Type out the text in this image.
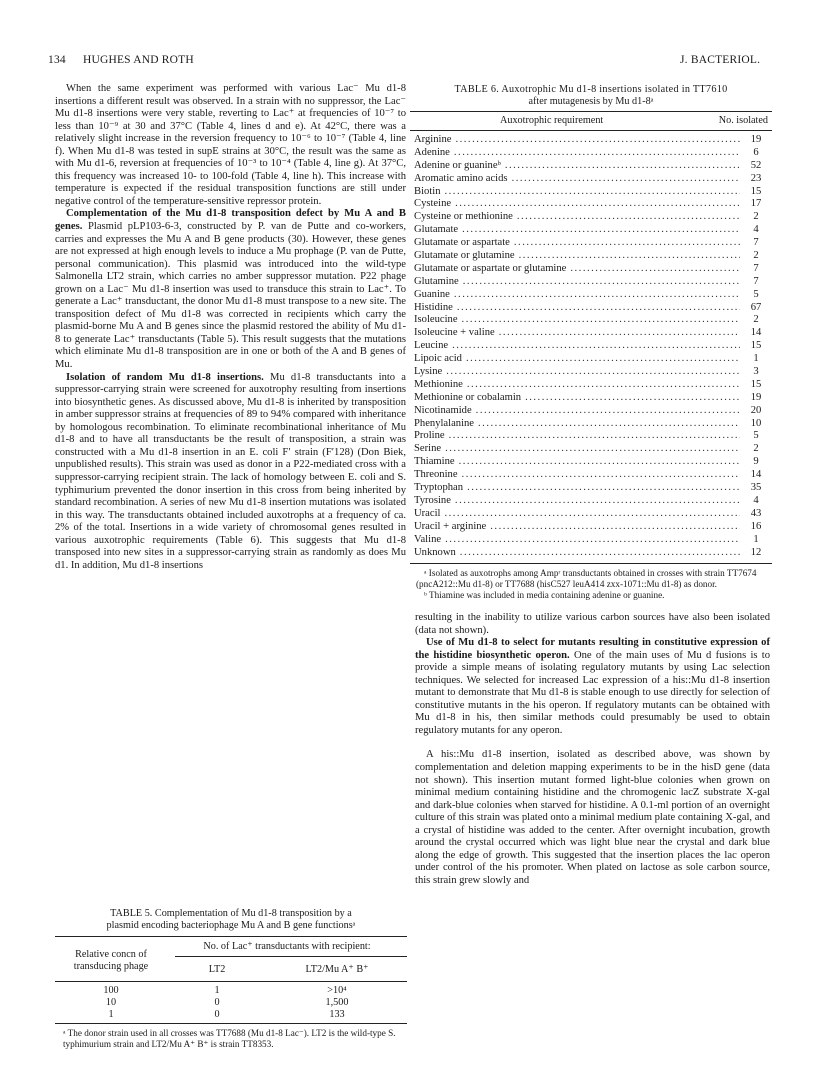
134 HUGHES AND ROTH	J. BACTERIOL.

When the same experiment was performed with various Lac⁻ Mu d1-8 insertions a different result was observed. In a strain with no suppressor, the Lac⁻ Mu d1-8 insertions were very stable, reverting to Lac⁺ at frequencies of 10⁻⁷ to less than 10⁻⁹ at 30 and 37°C (Table 4, lines d and e). At 42°C, there was a relatively slight increase in the reversion frequency to 10⁻⁶ to 10⁻⁷ (Table 4, line f). When Mu d1-8 was tested in supE strains at 30°C, the result was the same as with Mu d1-6, reversion at frequencies of 10⁻³ to 10⁻⁴ (Table 4, line g). At 37°C, this frequency was increased 10- to 100-fold (Table 4, line h). This increase with temperature is expected if the residual transposition functions are still under negative control of the temperature-sensitive repressor protein.

Complementation of the Mu d1-8 transposition defect by Mu A and B genes. Plasmid pLP103-6-3, constructed by P. van de Putte and co-workers, carries and expresses the Mu A and B gene products (30). However, these genes are not expressed at high enough levels to induce a Mu prophage (P. van de Putte, personal communication). This plasmid was introduced into the wild-type Salmonella LT2 strain, which carries no amber suppressor mutation. P22 phage grown on a Lac⁻ Mu d1-8 insertion was used to transduce this strain to Lac⁺. To generate a Lac⁺ transductant, the donor Mu d1-8 must transpose to a new site. The transposition defect of Mu d1-8 was corrected in recipients which carry the plasmid-borne Mu A and B genes since the plasmid restored the ability of Mu d1-8 to generate Lac⁺ transductants (Table 5). This result suggests that the mutations which eliminate Mu d1-8 transposition are in one or both of the A and B genes of Mu.

Isolation of random Mu d1-8 insertions. Mu d1-8 transductants into a suppressor-carrying strain were screened for auxotrophy resulting from insertions into biosynthetic genes. As discussed above, Mu d1-8 is inherited by transposition in amber suppressor strains at frequencies of 89 to 94% compared with inheritance by homologous recombination. To eliminate recombinational inheritance of Mu d1-8 and to have all transductants be the result of transposition, a strain was constructed with a Mu d1-8 insertion in an E. coli F′ strain (F′128) (Don Biek, unpublished results). This strain was used as donor in a P22-mediated cross with a suppressor-carrying recipient strain. The lack of homology between E. coli and S. typhimurium prevented the donor insertion in this cross from being inherited by standard recombination. A series of new Mu d1-8 insertion mutations was isolated in this way. The transductants obtained included auxotrophs at a frequency of ca. 2% of the total. Insertions in a wide variety of chromosomal genes resulted in various auxotrophic requirements (Table 6). This suggests that Mu d1-8 transposed into new sites in a suppressor-carrying strain as randomly as does Mu d1. In addition, Mu d1-8 insertions

TABLE 6. Auxotrophic Mu d1-8 insertions isolated in TT7610
after mutagenesis by Mu d1-8ᵃ
Auxotrophic requirement	No. isolated
Arginine .....	19
Adenine .....	6
Adenine or guanineᵇ .....	52
Aromatic amino acids .....	23
Biotin .....	15
Cysteine .....	17
Cysteine or methionine .....	2
Glutamate .....	4
Glutamate or aspartate .....	7
Glutamate or glutamine .....	2
Glutamate or aspartate or glutamine .....	7
Glutamine .....	7
Guanine .....	5
Histidine .....	67
Isoleucine .....	2
Isoleucine + valine .....	14
Leucine .....	15
Lipoic acid .....	1
Lysine .....	3
Methionine .....	15
Methionine or cobalamin .....	19
Nicotinamide .....	20
Phenylalanine .....	10
Proline .....	5
Serine .....	2
Thiamine .....	9
Threonine .....	14
Tryptophan .....	35
Tyrosine .....	4
Uracil .....	43
Uracil + arginine .....	16
Valine .....	1
Unknown .....	12

ᵃ Isolated as auxotrophs among Ampʳ transductants obtained in crosses with strain TT7674 (pncA212::Mu d1-8) or TT7688 (hisC527 leuA414 zxx-1071::Mu d1-8) as donor.

ᵇ Thiamine was included in media containing adenine or guanine.

resulting in the inability to utilize various carbon sources have also been isolated (data not shown).

Use of Mu d1-8 to select for mutants resulting in constitutive expression of the histidine biosynthetic operon. One of the main uses of Mu d fusions is to provide a simple means of isolating regulatory mutants by using Lac selection techniques. We selected for increased Lac expression of a his::Mu d1-8 insertion mutant to demonstrate that Mu d1-8 is stable enough to use directly for selection of constitutive mutants in the his operon. If regulatory mutants can be obtained with Mu d1-8 in his, then similar methods could presumably be used to obtain regulatory mutants for any operon.

A his::Mu d1-8 insertion, isolated as described above, was shown by complementation and deletion mapping experiments to be in the hisD gene (data not shown). This insertion mutant formed light-blue colonies when grown on minimal medium containing histidine and the chromogenic lacZ substrate X-gal and dark-blue colonies when starved for histidine. A 0.1-ml portion of an overnight culture of this strain was plated onto a minimal medium plate containing X-gal, and a crystal of histidine was added to the center. After overnight incubation, growth around the crystal occurred which was light blue near the crystal and dark blue along the edge of growth. This suggested that the insertion places the lac operon under control of the his promoter. When plated on lactose as sole carbon source, this strain grew slowly and

TABLE 5. Complementation of Mu d1-8 transposition by a
plasmid encoding bacteriophage Mu A and B gene functionsᵃ
No. of Lac⁺ transductants with recipient:
Relative concn of transducing phage	LT2	LT2/Mu A⁺ B⁺
100	1	>10⁴
10	0	1,500
1	0	133
ᵃ The donor strain used in all crosses was TT7688 (Mu d1-8 Lac⁻). LT2 is the wild-type S. typhimurium strain and LT2/Mu A⁺ B⁺ is strain TT8353.
